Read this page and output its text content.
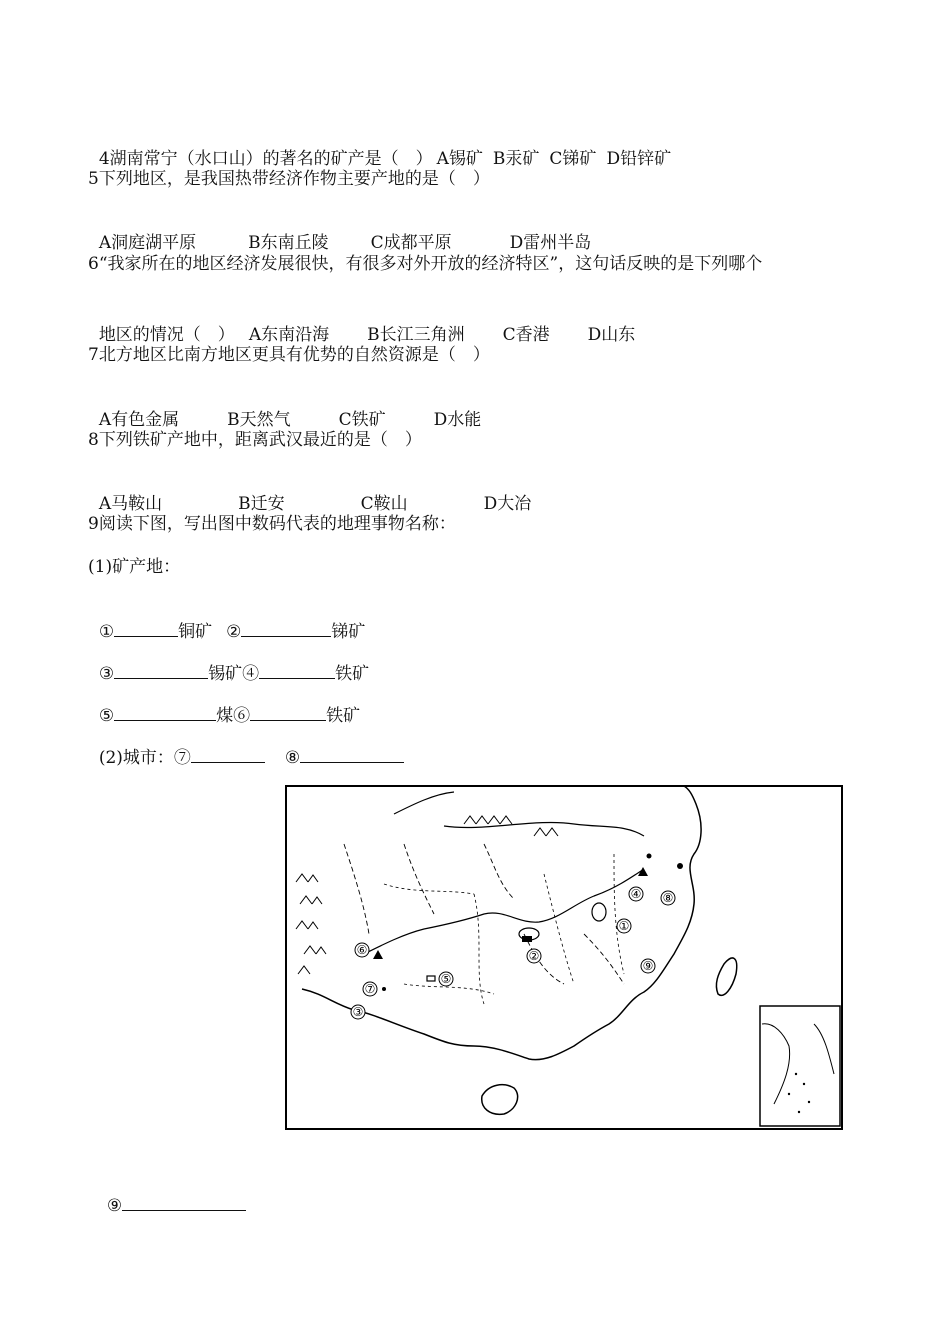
4湖南常宁（水口山）的著名的矿产是（　） A锡矿 B汞矿 C锑矿 D铅锌矿

5下列地区，是我国热带经济作物主要产地的是（　）

A洞庭湖平原	B东南丘陵 C成都平原	D雷州半岛

6“我家所在的地区经济发展很快，有很多对外开放的经济特区”，这句话反映的是下列哪个

地区的情况（　） A东南沿海 B长江三角洲 C香港 D山东

7北方地区比南方地区更具有优势的自然资源是（　）

A有色金属	B天然气	C铁矿	D水能

8下列铁矿产地中，距离武汉最近的是（　）

A马鞍山	B迁安	C鞍山	D大冶

9阅读下图，写出图中数码代表的地理事物名称：
(1)矿产地：

①	铜矿 ②	锑矿

③	锡矿④	铁矿

⑤	煤⑥	铁矿

(2)城市：⑦	⑧

①
②
③
④
⑤
⑥
⑦
⑧
⑨

⑨
